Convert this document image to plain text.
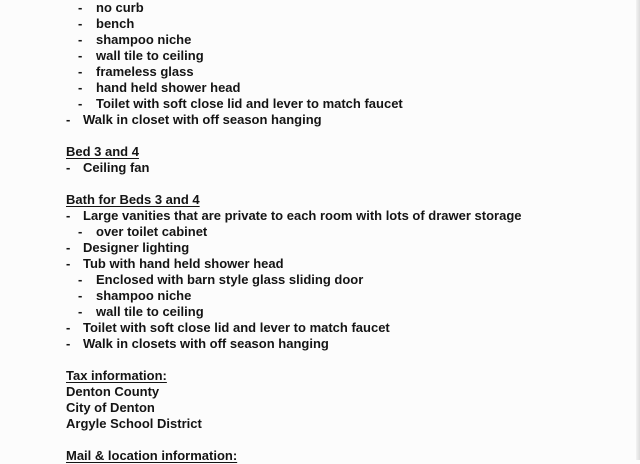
- no curb
- bench
- shampoo niche
- wall tile to ceiling
- frameless glass
- hand held shower head
- Toilet with soft close lid and lever to match faucet
- Walk in closet with off season hanging
Bed 3 and 4
- Ceiling fan
Bath for Beds 3 and 4
- Large vanities that are private to each room with lots of drawer storage
- over toilet cabinet
- Designer lighting
- Tub with hand held shower head
- Enclosed with barn style glass sliding door
- shampoo niche
- wall tile to ceiling
- Toilet with soft close lid and lever to match faucet
- Walk in closets with off season hanging
Tax information:
Denton County
City of Denton
Argyle School District
Mail & location information:
